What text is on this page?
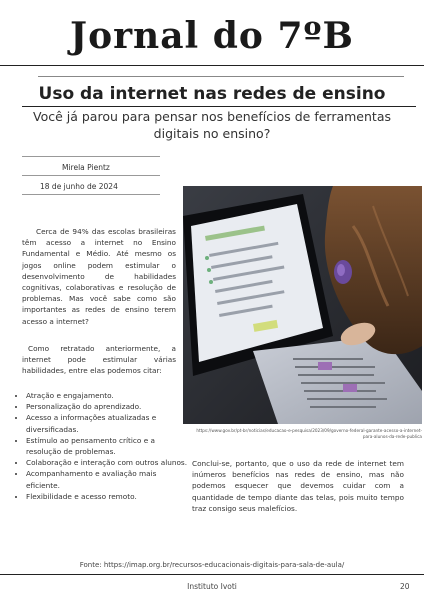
Jornal do 7ºB
Uso da internet nas redes de ensino
Você já parou para pensar nos benefícios de ferramentas digitais no ensino?
Mirela Pientz
18 de junho de 2024
Cerca de 94% das escolas brasileiras têm acesso a internet no Ensino Fundamental e Médio. Até mesmo os jogos online podem estimular o desenvolvimento de habilidades cognitivas, colaborativas e resolução de problemas. Mas você sabe como são importantes as redes de ensino terem acesso a internet?
Como retratado anteriormente, a internet pode estimular várias habilidades, entre elas podemos citar:
• Atração e engajamento.
• Personalização do aprendizado.
• Acesso a informações atualizadas e diversificadas.
• Estímulo ao pensamento crítico e a resolução de problemas.
• Colaboração e interação com outros alunos.
• Acompanhamento e avaliação mais eficiente.
• Flexibilidade e acesso remoto.
https://www.gov.br/pt-br/noticias/educacao-e-pesquisa/2023/09/governo-federal-garante-acesso-a-internet-para-alunos-da-rede-publica
Conclui-se, portanto, que o uso da rede de internet tem inúmeros benefícios nas redes de ensino, mas não podemos esquecer que devemos cuidar com a quantidade de tempo diante das telas, pois muito tempo traz consigo seus malefícios.
Fonte: https://imap.org.br/recursos-educacionais-digitais-para-sala-de-aula/
Instituto Ivoti	20
